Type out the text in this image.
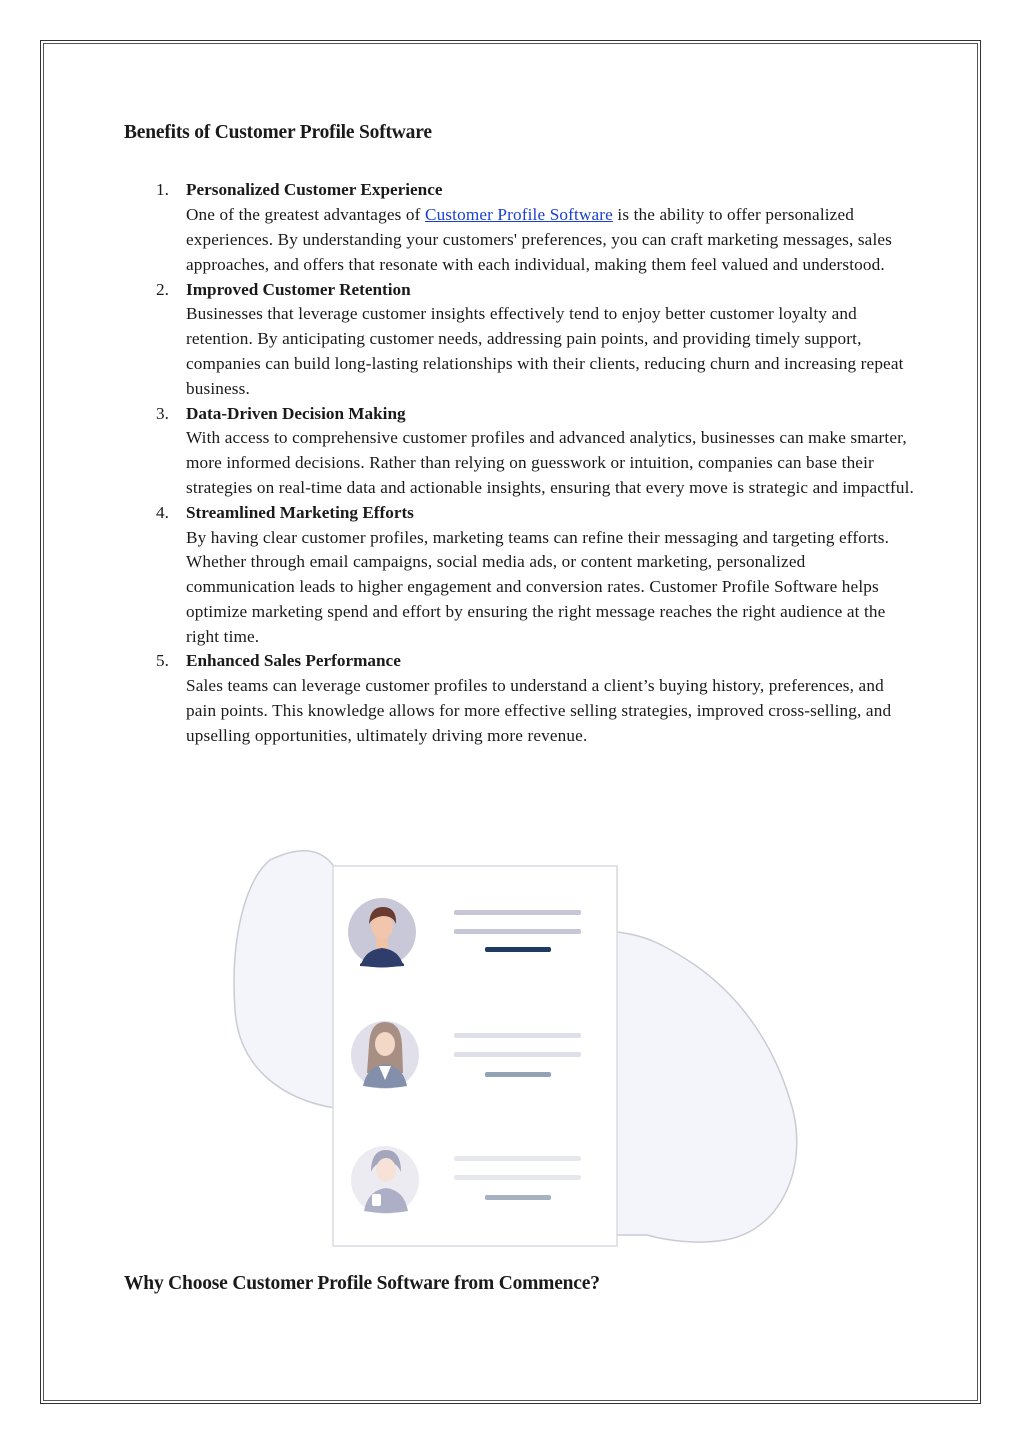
Benefits of Customer Profile Software
1. Personalized Customer Experience
One of the greatest advantages of Customer Profile Software is the ability to offer personalized experiences. By understanding your customers' preferences, you can craft marketing messages, sales approaches, and offers that resonate with each individual, making them feel valued and understood.
2. Improved Customer Retention
Businesses that leverage customer insights effectively tend to enjoy better customer loyalty and retention. By anticipating customer needs, addressing pain points, and providing timely support, companies can build long-lasting relationships with their clients, reducing churn and increasing repeat business.
3. Data-Driven Decision Making
With access to comprehensive customer profiles and advanced analytics, businesses can make smarter, more informed decisions. Rather than relying on guesswork or intuition, companies can base their strategies on real-time data and actionable insights, ensuring that every move is strategic and impactful.
4. Streamlined Marketing Efforts
By having clear customer profiles, marketing teams can refine their messaging and targeting efforts. Whether through email campaigns, social media ads, or content marketing, personalized communication leads to higher engagement and conversion rates. Customer Profile Software helps optimize marketing spend and effort by ensuring the right message reaches the right audience at the right time.
5. Enhanced Sales Performance
Sales teams can leverage customer profiles to understand a client’s buying history, preferences, and pain points. This knowledge allows for more effective selling strategies, improved cross-selling, and upselling opportunities, ultimately driving more revenue.
Why Choose Customer Profile Software from Commence?
